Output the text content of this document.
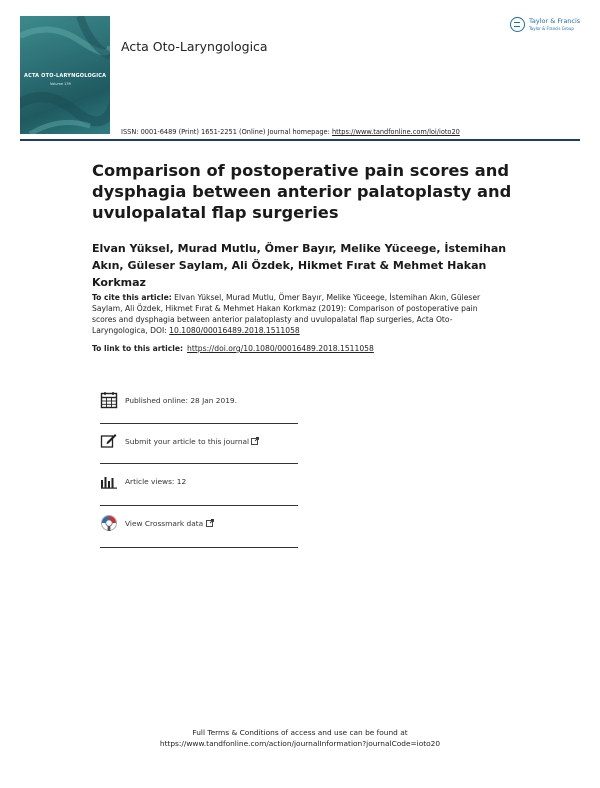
ACTA OTO-LARYNGOLOGICA
Volume 139
Acta Oto-Laryngologica
Taylor & Francis
Taylor & Francis Group
ISSN: 0001-6489 (Print) 1651-2251 (Online) Journal homepage: https://www.tandfonline.com/loi/ioto20
Comparison of postoperative pain scores and dysphagia between anterior palatoplasty and uvulopalatal flap surgeries
Elvan Yüksel, Murad Mutlu, Ömer Bayır, Melike Yüceege, İstemihan Akın, Güleser Saylam, Ali Özdek, Hikmet Fırat & Mehmet Hakan Korkmaz
To cite this article: Elvan Yüksel, Murad Mutlu, Ömer Bayır, Melike Yüceege, İstemihan Akın, Güleser Saylam, Ali Özdek, Hikmet Fırat & Mehmet Hakan Korkmaz (2019): Comparison of postoperative pain scores and dysphagia between anterior palatoplasty and uvulopalatal flap surgeries, Acta Oto-Laryngologica, DOI: 10.1080/00016489.2018.1511058
To link to this article: https://doi.org/10.1080/00016489.2018.1511058
Published online: 28 Jan 2019.
Submit your article to this journal
Article views: 12
View Crossmark data
Full Terms & Conditions of access and use can be found at
https://www.tandfonline.com/action/journalInformation?journalCode=ioto20
